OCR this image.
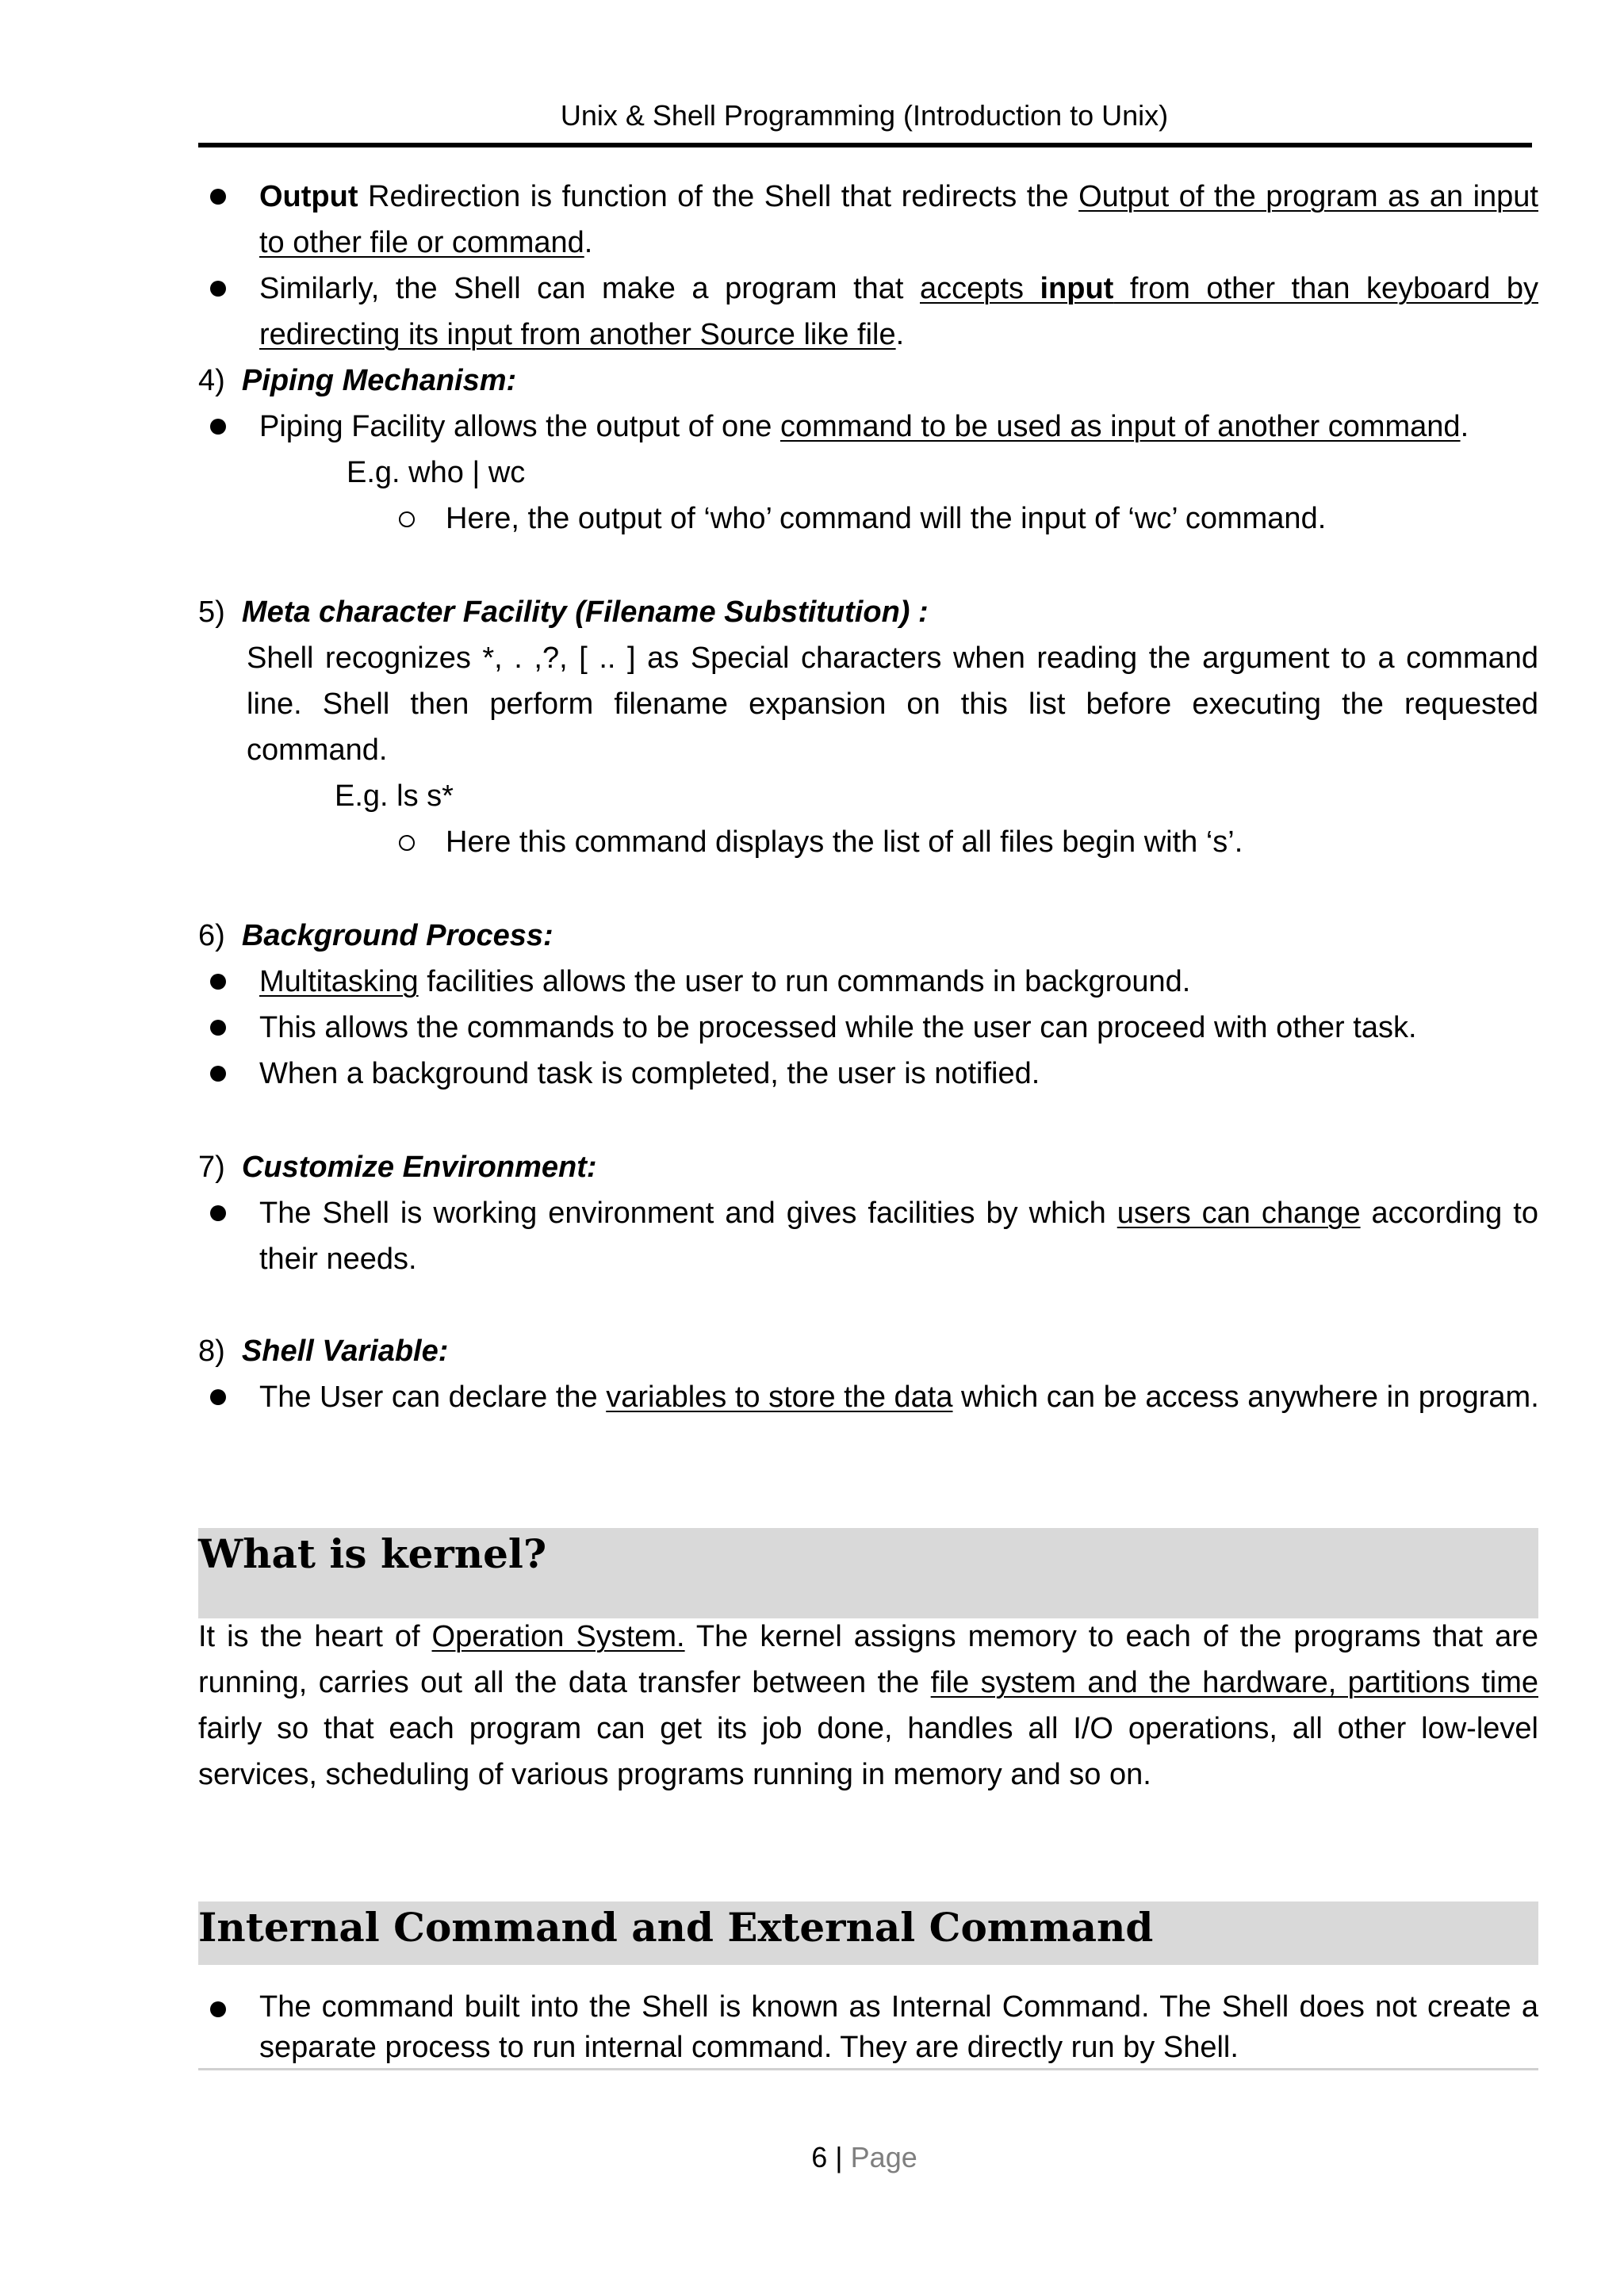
Unix & Shell Programming (Introduction to Unix)
Output Redirection is function of the Shell that redirects the Output of the program as an input
to other file or command.
Similarly, the Shell can make a program that accepts input from other than keyboard by
redirecting its input from another Source like file.
4) Piping Mechanism:
Piping Facility allows the output of one command to be used as input of another command.
E.g. who | wc
Here, the output of ‘who’ command will the input of ‘wc’ command.
5) Meta character Facility (Filename Substitution) :
Shell recognizes *, . ,?, [ .. ] as Special characters when reading the argument to a command
line. Shell then perform filename expansion on this list before executing the requested
command.
E.g. ls s*
Here this command displays the list of all files begin with ‘s’.
6) Background Process:
Multitasking facilities allows the user to run commands in background.
This allows the commands to be processed while the user can proceed with other task.
When a background task is completed, the user is notified.
7) Customize Environment:
The Shell is working environment and gives facilities by which users can change according to
their needs.
8) Shell Variable:
The User can declare the variables to store the data which can be access anywhere in program.
What is kernel?
It is the heart of Operation System. The kernel assigns memory to each of the programs that are
running, carries out all the data transfer between the file system and the hardware, partitions time
fairly so that each program can get its job done, handles all I/O operations, all other low-level
services, scheduling of various programs running in memory and so on.
Internal Command and External Command
The command built into the Shell is known as Internal Command. The Shell does not create a
separate process to run internal command. They are directly run by Shell.
6 | Page
